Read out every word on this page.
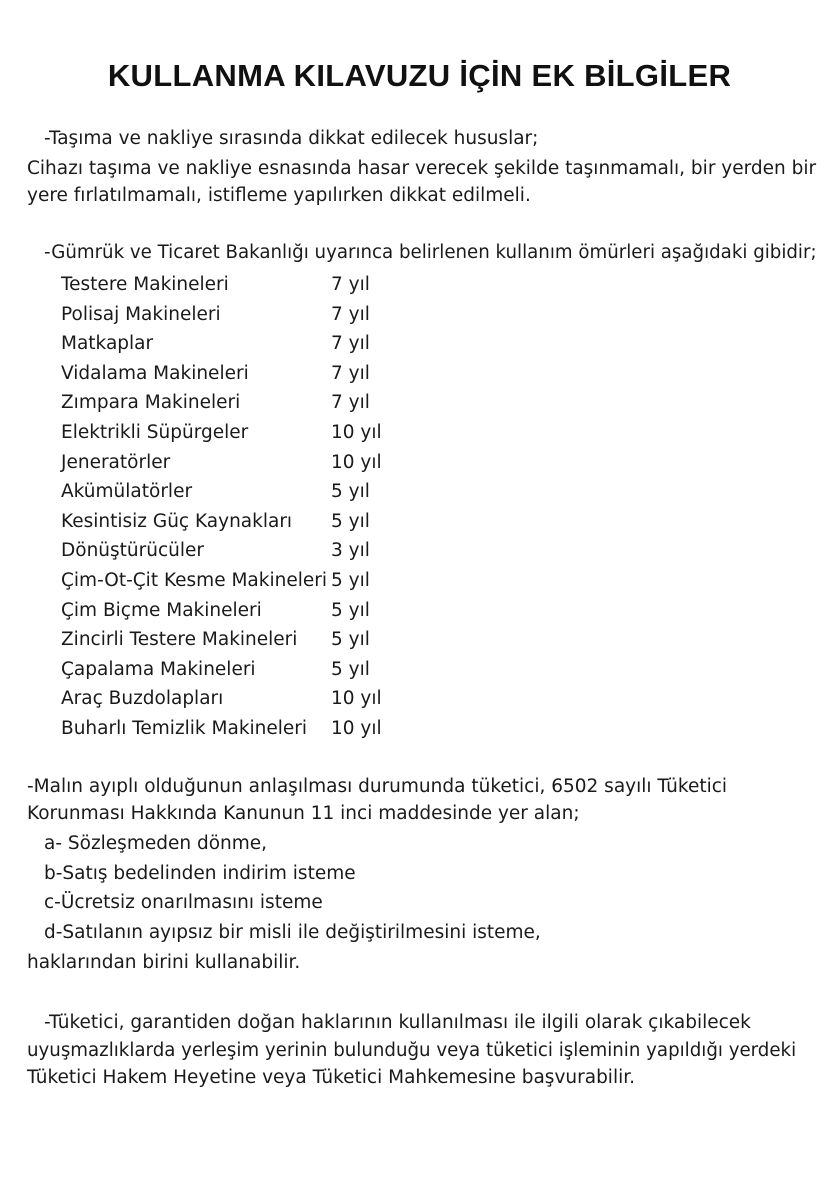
KULLANMA KILAVUZU İÇİN EK BİLGİLER
-Taşıma ve nakliye sırasında dikkat edilecek hususlar;
Cihazı taşıma ve nakliye esnasında hasar verecek şekilde taşınmamalı, bir yerden bir
yere fırlatılmamalı, istifleme yapılırken dikkat edilmeli.
-Gümrük ve Ticaret Bakanlığı uyarınca belirlenen kullanım ömürleri aşağıdaki gibidir;
Testere Makineleri	7 yıl
Polisaj Makineleri	7 yıl
Matkaplar	7 yıl
Vidalama Makineleri	7 yıl
Zımpara Makineleri	7 yıl
Elektrikli Süpürgeler	10 yıl
Jeneratörler	10 yıl
Akümülatörler	5 yıl
Kesintisiz Güç Kaynakları 5 yıl
Dönüştürücüler	3 yıl
Çim-Ot-Çit Kesme Makineleri 5 yıl
Çim Biçme Makineleri	5 yıl
Zincirli Testere Makineleri 5 yıl
Çapalama Makineleri	5 yıl
Araç Buzdolapları	10 yıl
Buharlı Temizlik Makineleri 10 yıl
-Malın ayıplı olduğunun anlaşılması durumunda tüketici, 6502 sayılı Tüketici
Korunması Hakkında Kanunun 11 inci maddesinde yer alan;
a- Sözleşmeden dönme,
b-Satış bedelinden indirim isteme
c-Ücretsiz onarılmasını isteme
d-Satılanın ayıpsız bir misli ile değiştirilmesini isteme,
haklarından birini kullanabilir.
-Tüketici, garantiden doğan haklarının kullanılması ile ilgili olarak çıkabilecek
uyuşmazlıklarda yerleşim yerinin bulunduğu veya tüketici işleminin yapıldığı yerdeki
Tüketici Hakem Heyetine veya Tüketici Mahkemesine başvurabilir.
